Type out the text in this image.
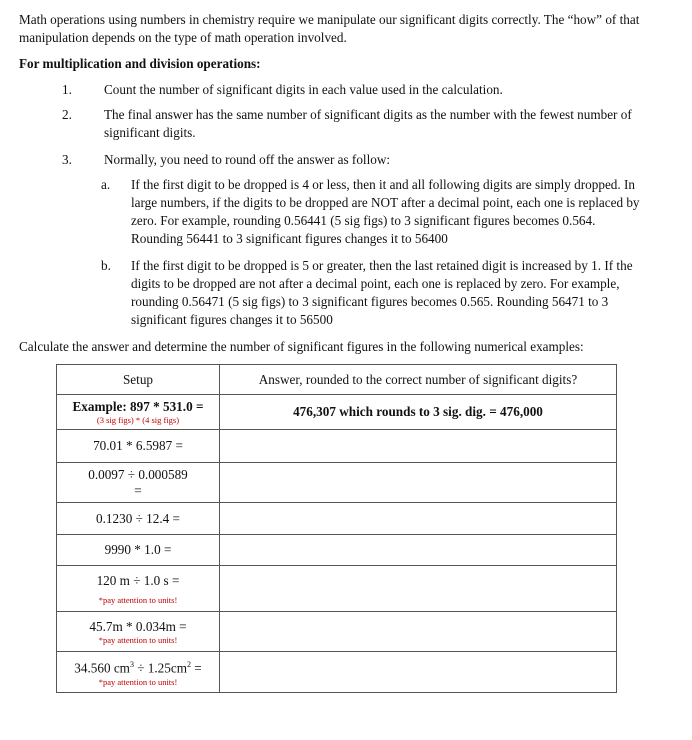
Math operations using numbers in chemistry require we manipulate our significant digits correctly. The “how” of that manipulation depends on the type of math operation involved.
For multiplication and division operations:
1. Count the number of significant digits in each value used in the calculation.
2. The final answer has the same number of significant digits as the number with the fewest number of significant digits.
3. Normally, you need to round off the answer as follow:
a. If the first digit to be dropped is 4 or less, then it and all following digits are simply dropped. In large numbers, if the digits to be dropped are NOT after a decimal point, each one is replaced by zero. For example, rounding 0.56441 (5 sig figs) to 3 significant figures becomes 0.564. Rounding 56441 to 3 significant figures changes it to 56400
b. If the first digit to be dropped is 5 or greater, then the last retained digit is increased by 1. If the digits to be dropped are not after a decimal point, each one is replaced by zero. For example, rounding 0.56471 (5 sig figs) to 3 significant figures becomes 0.565. Rounding 56471 to 3 significant figures changes it to 56500
Calculate the answer and determine the number of significant figures in the following numerical examples:
Setup	Answer, rounded to the correct number of significant digits?

Example: 897 * 531.0 =
(3 sig figs) * (4 sig figs)	476,307 which rounds to 3 sig. dig. = 476,000
70.01 * 6.5987 =	

0.0097 ÷ 0.000589
=	

0.1230 ÷ 12.4 =	
9990 * 1.0 =	

120 m ÷ 1.0 s =
*pay attention to units!	

45.7m * 0.034m =
*pay attention to units!	

34.560 $cm^3 \div 1.25cm^2$ =
*pay attention to units!	
